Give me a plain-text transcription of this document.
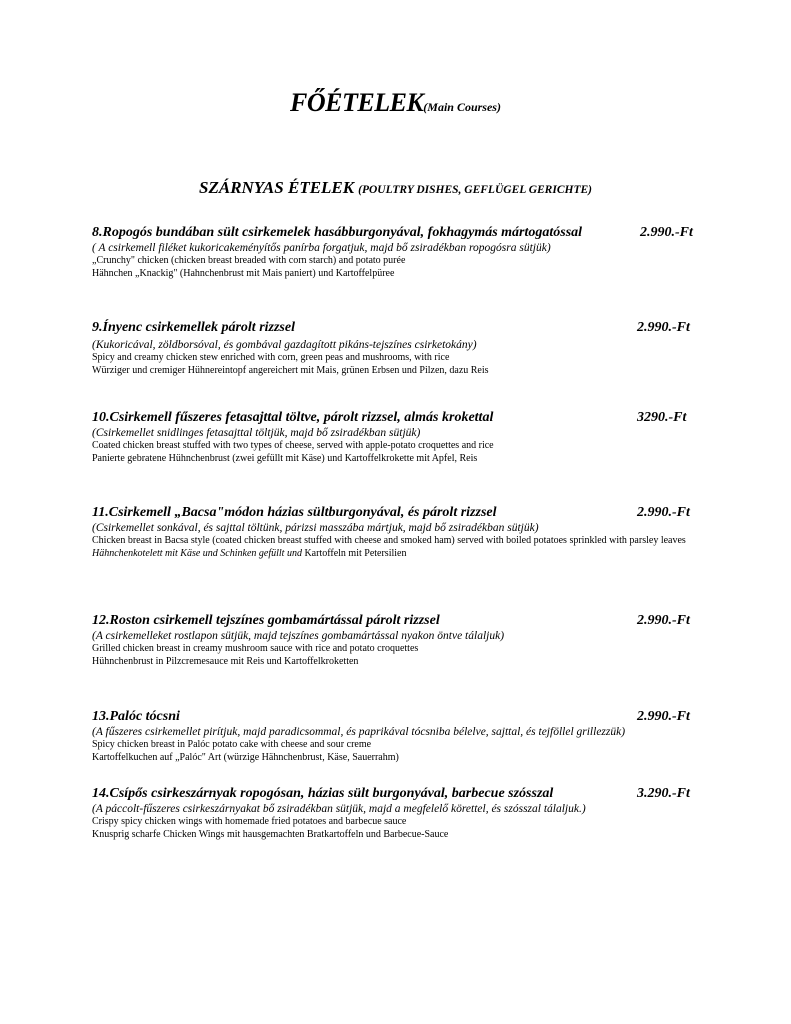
FŐÉTELEK(Main Courses)
SZÁRNYAS ÉTELEK (POULTRY DISHES, GEFLÜGEL GERICHTE)
8.Ropogós bundában sült csirkemelek hasábburgonyával, fokhagymás mártogatóssal	2.990.-Ft
( A csirkemell filéket kukoricakeményítős panírba forgatjuk, majd bő zsiradékban ropogósra sütjük)
„Crunchy" chicken (chicken breast breaded with corn starch) and potato purée
Hähnchen „Knackig" (Hahnchenbrust mit Mais paniert) und Kartoffelpüree
9.Ínyenc csirkemellek párolt rizzsel	2.990.-Ft
(Kukoricával, zöldborsóval, és gombával gazdagított pikáns-tejszínes csirketokány)
Spicy and creamy chicken stew enriched with corn, green peas and mushrooms, with rice
Würziger und cremiger Hühnereintopf angereichert mit Mais, grünen Erbsen und Pilzen, dazu Reis
10.Csirkemell fűszeres fetasajttal töltve, párolt rizzsel, almás krokettal	3290.-Ft
(Csirkemellet snidlinges fetasajttal töltjük, majd bő zsiradékban sütjük)
Coated chicken breast stuffed with two types of cheese, served with apple-potato croquettes and rice
Panierte gebratene Hühnchenbrust (zwei gefüllt mit Käse) und Kartoffelkrokette mit Apfel, Reis
11.Csirkemell „Bacsa"módon házias sültburgonyával, és párolt rizzsel	2.990.-Ft
(Csirkemellet sonkával, és sajttal töltünk, párizsi masszába mártjuk, majd bő zsiradékban sütjük)
Chicken breast in Bacsa style (coated chicken breast stuffed with cheese and smoked ham) served with boiled potatoes sprinkled with parsley leaves
Hähnchenkotelett mit Käse und Schinken gefüllt und Kartoffeln mit Petersilien
12.Roston csirkemell tejszínes gombamártással párolt rizzsel	2.990.-Ft
(A csirkemelleket rostlapon sütjük, majd tejszínes gombamártással nyakon öntve tálaljuk)
Grilled chicken breast in creamy mushroom sauce with rice and potato croquettes
Hühnchenbrust in Pilzcremesauce mit Reis und Kartoffelkroketten
13.Palóc tócsni	2.990.-Ft
(A fűszeres csirkemellet pirítjuk, majd paradicsommal, és paprikával tócsniba bélelve, sajttal, és tejföllel grillezzük)
Spicy chicken breast in Palóc potato cake with cheese and sour creme
Kartoffelkuchen auf „Palóc" Art (würzige Hähnchenbrust, Käse, Sauerrahm)
14.Csípős csirkeszárnyak ropogósan, házias sült burgonyával, barbecue szósszal	3.290.-Ft
(A páccolt-fűszeres csirkeszárnyakat bő zsiradékban sütjük, majd a megfelelő körettel, és szósszal tálaljuk.)
Crispy spicy chicken wings with homemade fried potatoes and barbecue sauce
Knusprig scharfe Chicken Wings mit hausgemachten Bratkartoffeln und Barbecue-Sauce
